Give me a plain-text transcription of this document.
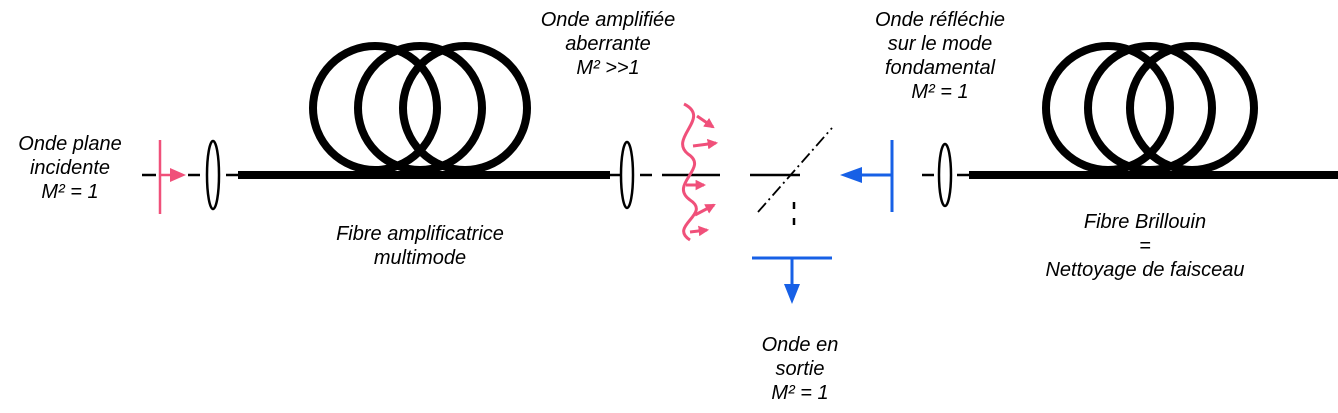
Onde plane
incidente
M² = 1
Onde amplifiée
aberrante
M² >>1
Onde réfléchie
sur le mode
fondamental
M² = 1
Fibre amplificatrice
multimode
Fibre Brillouin
=
Nettoyage de faisceau
Onde en
sortie
M² = 1
